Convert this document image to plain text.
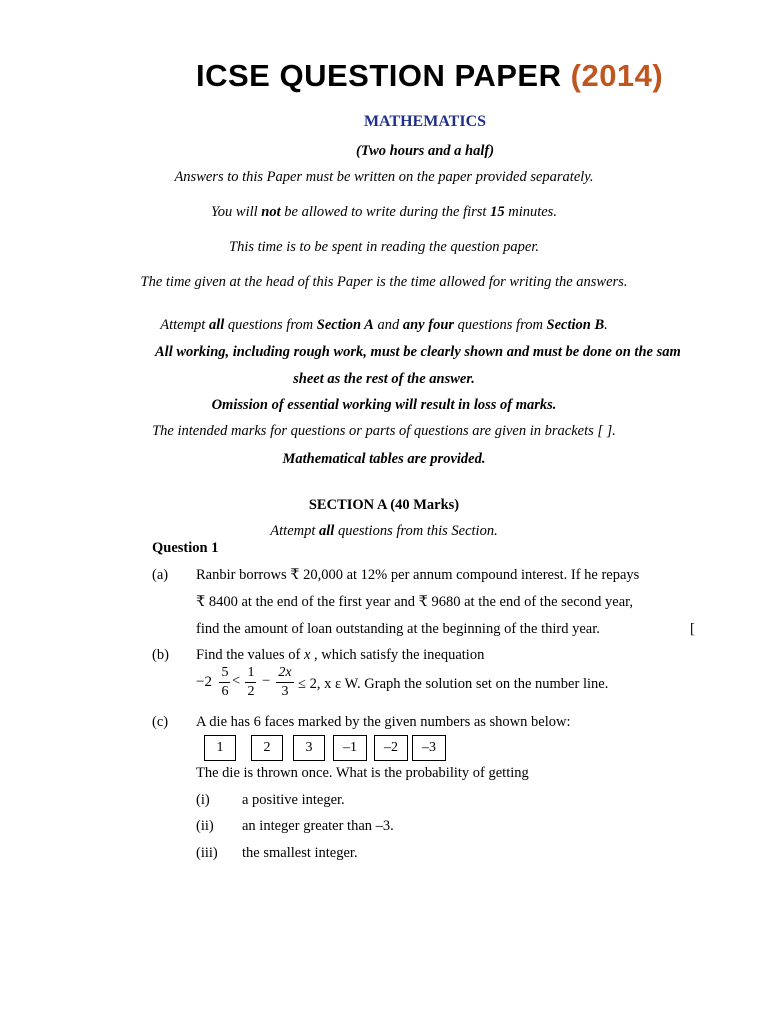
ICSE QUESTION PAPER (2014)
MATHEMATICS
(Two hours and a half)
Answers to this Paper must be written on the paper provided separately.
You will not be allowed to write during the first 15 minutes.
This time is to be spent in reading the question paper.
The time given at the head of this Paper is the time allowed for writing the answers.
Attempt all questions from Section A and any four questions from Section B.
All working, including rough work, must be clearly shown and must be done on the sam
sheet as the rest of the answer.
Omission of essential working will result in loss of marks.
The intended marks for questions or parts of questions are given in brackets [ ].
Mathematical tables are provided.
SECTION A (40 Marks)
Attempt all questions from this Section.
Question 1
(a) Ranbir borrows ₹ 20,000 at 12% per annum compound interest. If he repays
₹ 8400 at the end of the first year and ₹ 9680 at the end of the second year,
find the amount of loan outstanding at the beginning of the third year.	[
(b) Find the values of x , which satisfy the inequation
−2
5
6
<
1
2
−
2x
3 ≤ 2, x ε W. Graph the solution set on the number line.
(c) A die has 6 faces marked by the given numbers as shown below:
1	2	3	–1	–2	–3
The die is thrown once. What is the probability of getting
(i) a positive integer.
(ii) an integer greater than –3.
(iii) the smallest integer.
